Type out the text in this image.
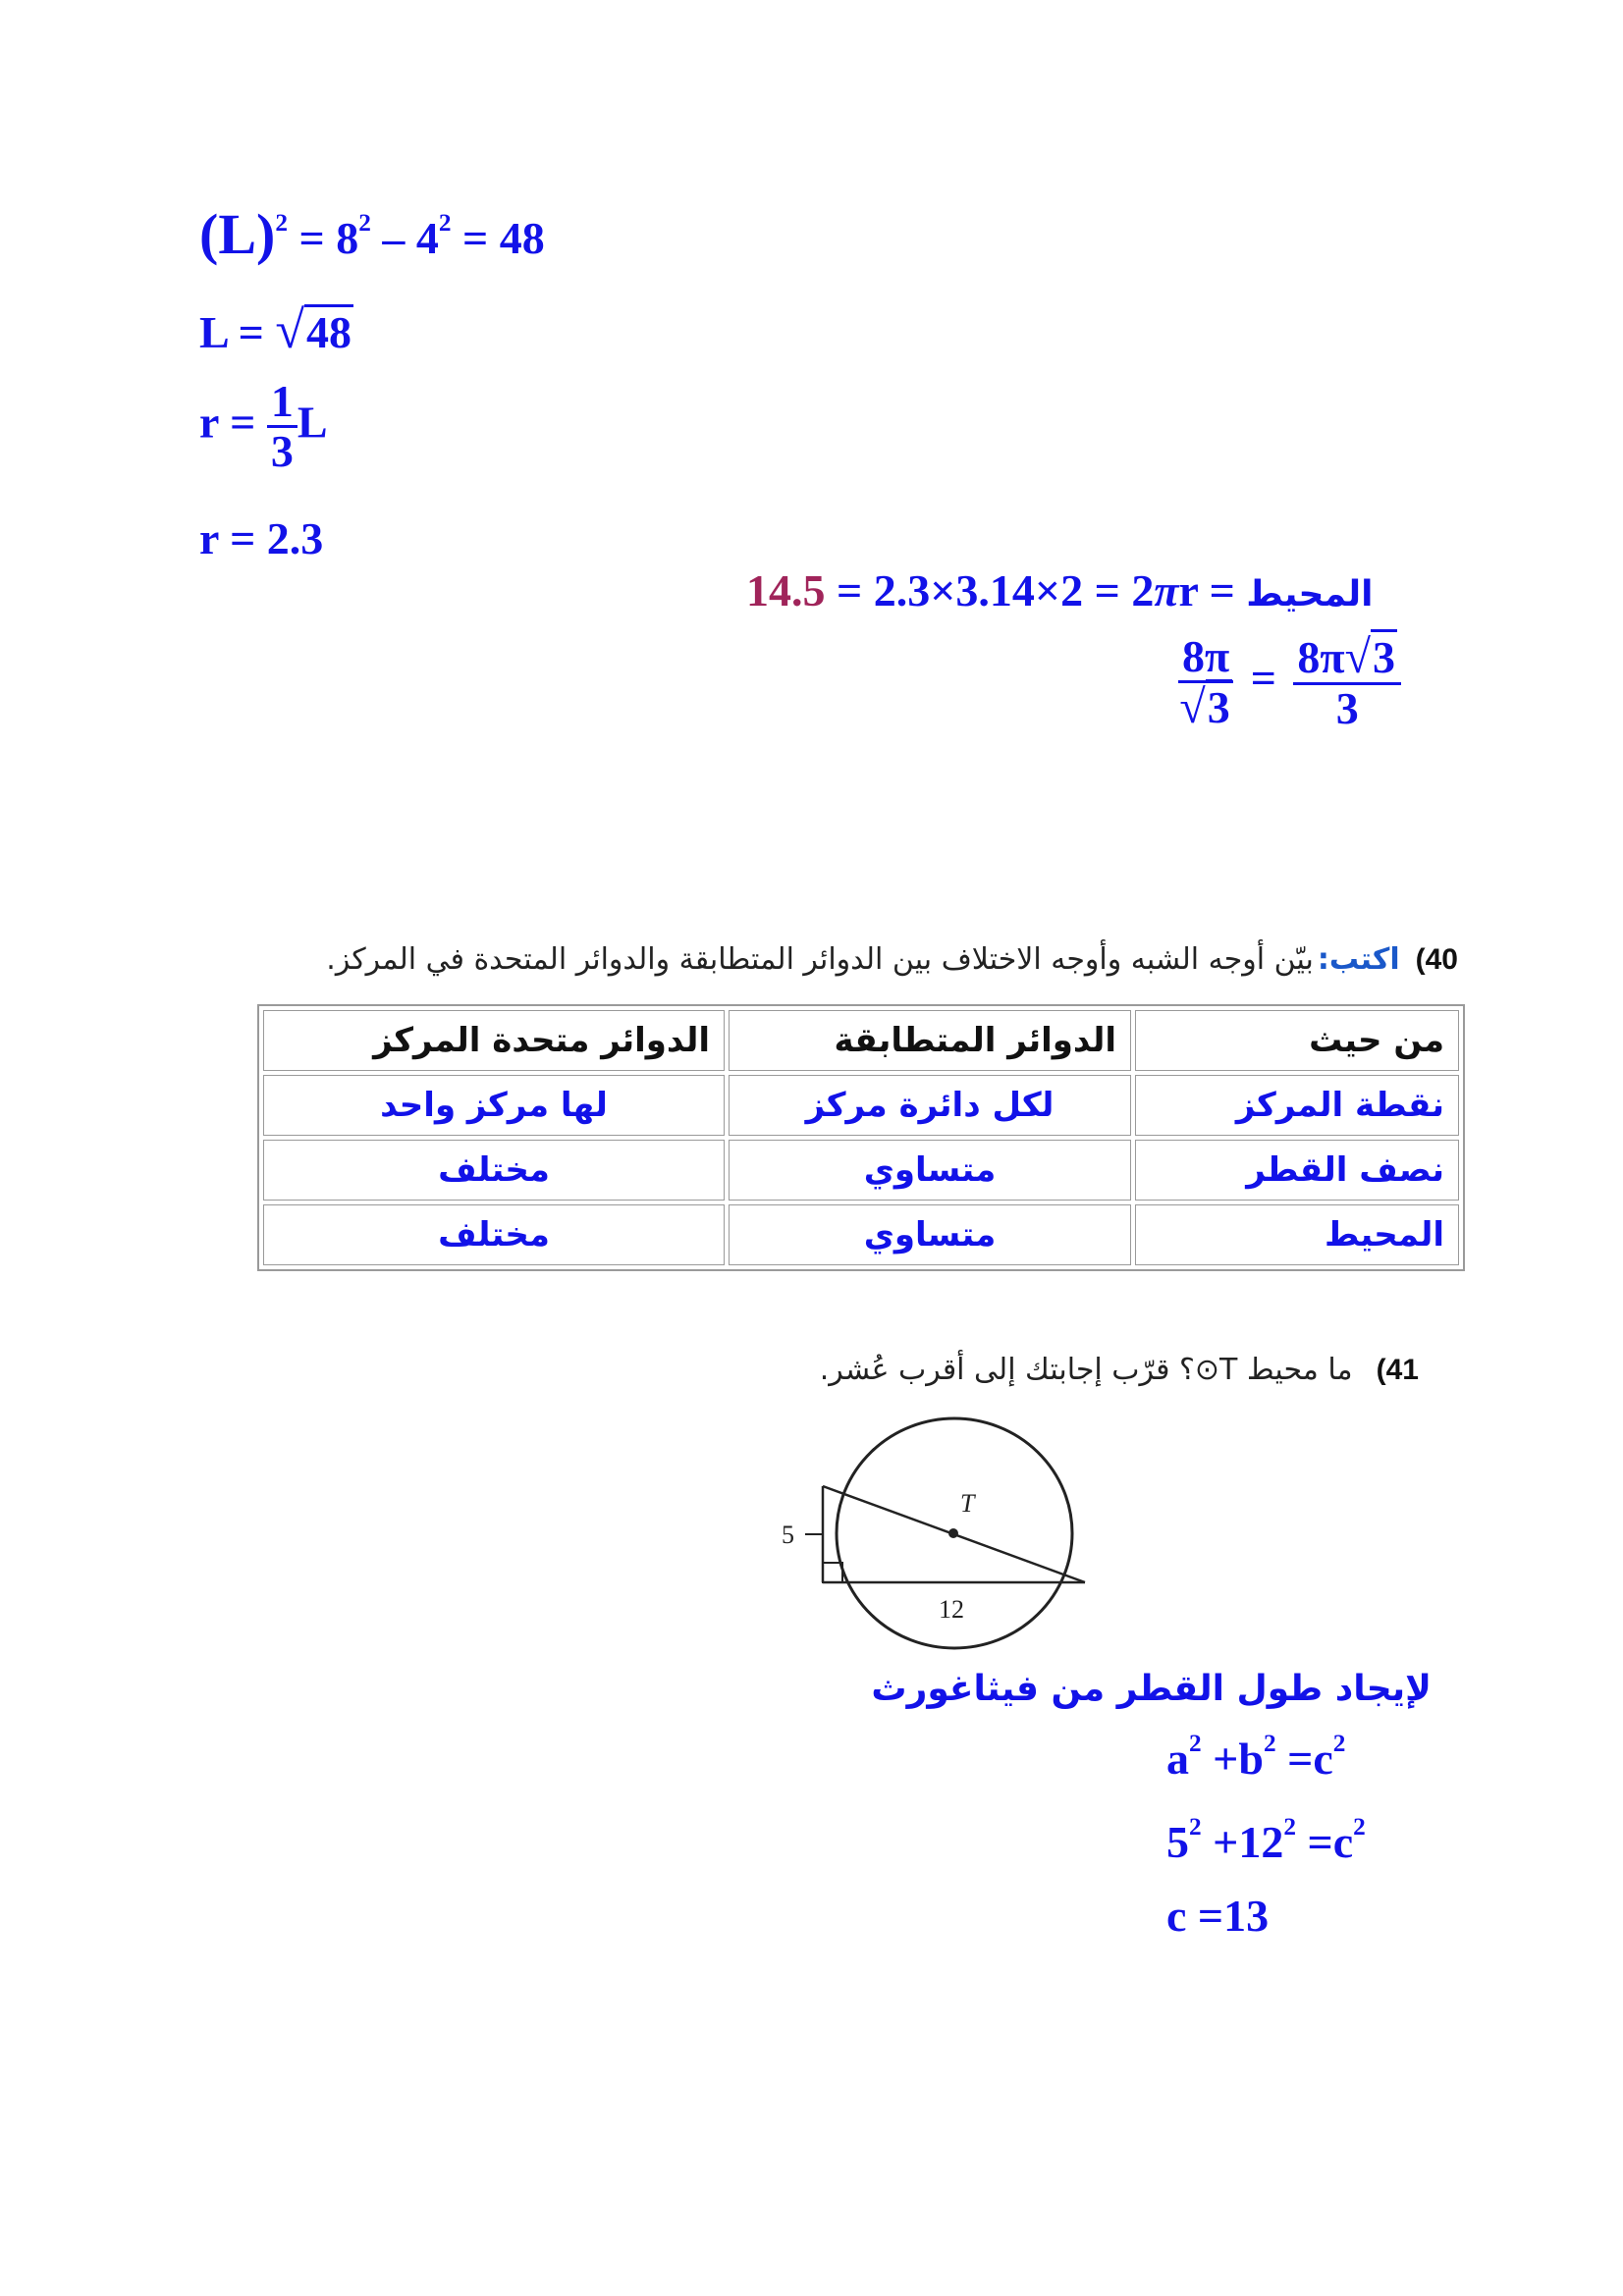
$(L)^2 = 8^2 - 4^2 = 48$
L = √48
$r = \frac{1}{3}$ L
r = 2.3
14.5 = 2.3×3.14×2 = 2πr = المحيط
$\frac{8\pi}{√3} = \frac{8\pi√3}{3}$
40) اكتب: بيّن أوجه الشبه وأوجه الاختلاف بين الدوائر المتطابقة والدوائر المتحدة في المركز.
من حيث	الدوائر المتطابقة	الدوائر متحدة المركز
نقطة المركز	لكل دائرة مركز	لها مركز واحد
نصف القطر	متساوي	مختلف
المحيط	متساوي	مختلف
41) ما محيط T⊙؟ قرّب إجابتك إلى أقرب عُشر.
T
5
12
لإيجاد طول القطر من فيثاغورث
$a^2 +b^2 =c^2$
$5^2 +12^2 =c^2$
c =13
